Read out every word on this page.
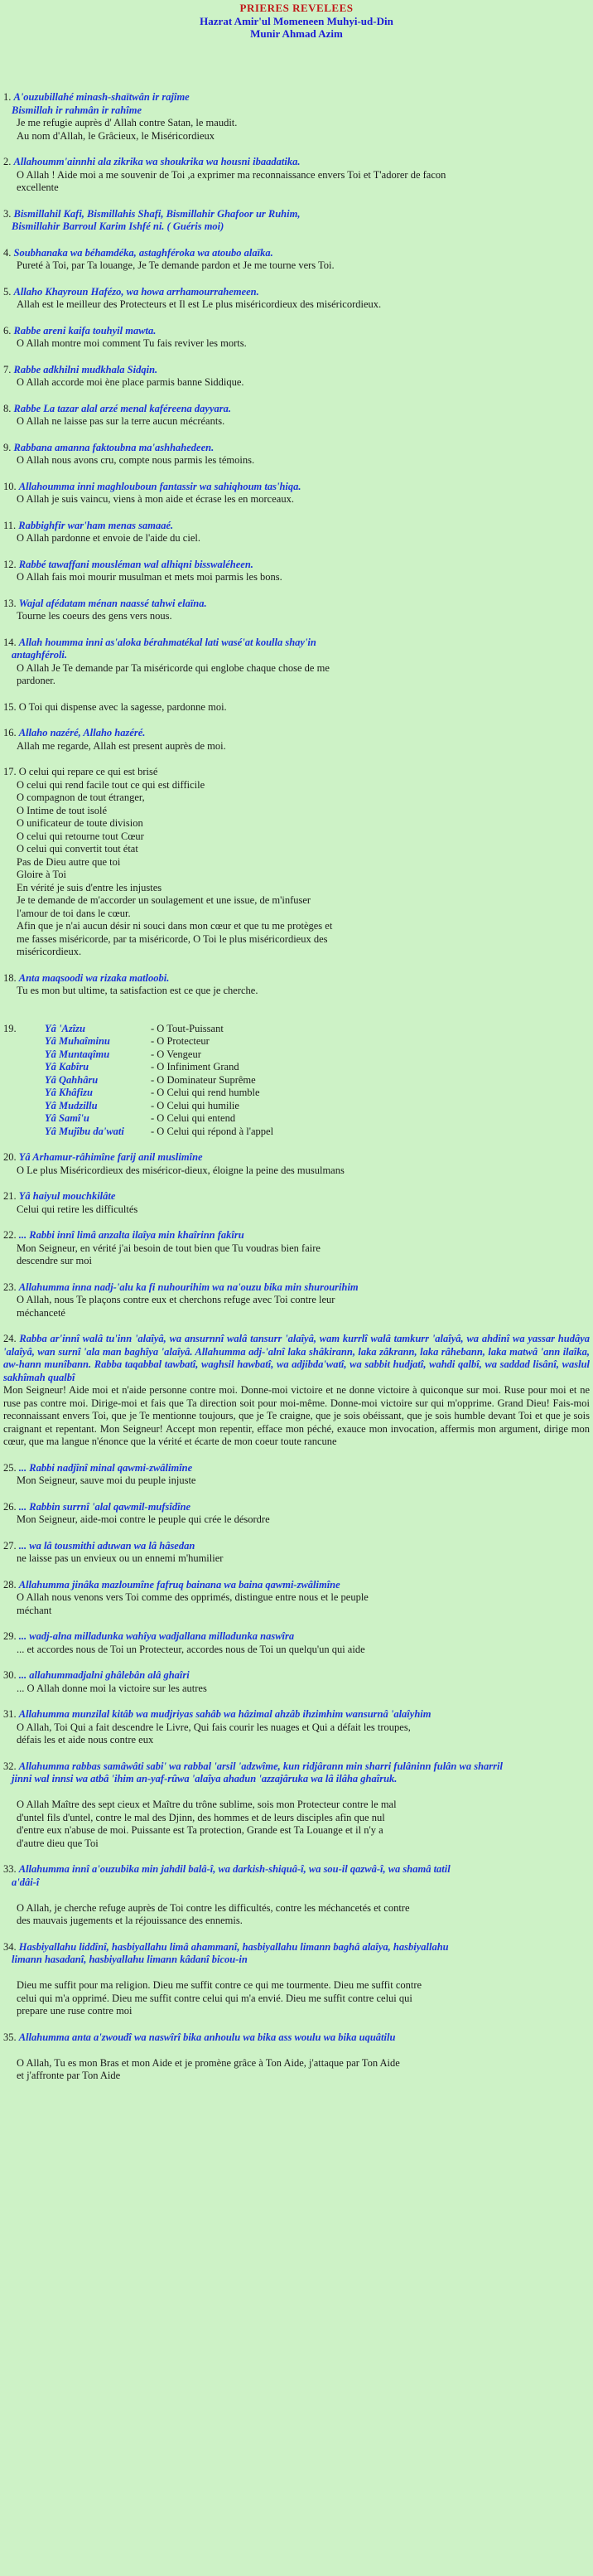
PRIERES REVELEES
Hazrat Amir'ul Momeneen Muhyi-ud-Din
Munir Ahmad Azim
1. A'ouzubillahé minash-shaïtwân ir rajîme
Bismillah ir rahmân ir rahîme
Je me refugie auprès d' Allah contre Satan, le maudit.
Au nom d'Allah, le Grâcieux, le Miséricordieux
2. Allahoumm'ainnhi ala zikrika wa shoukrika wa housni ibaadatika.
O Allah ! Aide moi a me souvenir de Toi ,a exprimer ma reconnaissance envers Toi et T'adorer de facon
excellente
3. Bismillahil Kafi, Bismillahis Shafi, Bismillahir Ghafoor ur Ruhim,
Bismillahir Barroul Karim Ishfé ni. ( Guéris moi)
4. Soubhanaka wa béhamdéka, astaghféroka wa atoubo alaïka.
Pureté à Toi, par Ta louange, Je Te demande pardon et Je me tourne vers Toi.
5. Allaho Khayroun Hafézo, wa howa arrhamourrahemeen.
Allah est le meilleur des Protecteurs et Il est Le plus miséricordieux des miséricordieux.
6. Rabbe areni kaifa touhyil mawta.
O Allah montre moi comment Tu fais reviver les morts.
7. Rabbe adkhilni mudkhala Sidqin.
O Allah accorde moi ène place parmis banne Siddique.
8. Rabbe La tazar alal arzé menal kaféreena dayyara.
O Allah ne laisse pas sur la terre aucun mécréants.
9. Rabbana amanna faktoubna ma'ashhahedeen.
O Allah nous avons cru, compte nous parmis les témoins.
10. Allahoumma inni maghlouboun fantassir wa sahiqhoum tas'hiqa.
O Allah je suis vaincu, viens à mon aide et écrase les en morceaux.
11. Rabbighfir war'ham menas samaaé.
O Allah pardonne et envoie de l'aide du ciel.
12. Rabbé tawaffani mousléman wal alhiqni bisswaléheen.
O Allah fais moi mourir musulman et mets moi parmis les bons.
13. Wajal afédatam ménan naassé tahwi elaïna.
Tourne les coeurs des gens vers nous.
14. Allah houmma inni as'aloka bérahmatékal lati wasé'at koulla shay'in
antaghféroli.
O Allah Je Te demande par Ta miséricorde qui englobe chaque chose de me
pardoner.
15. O Toi qui dispense avec la sagesse, pardonne moi.
16. Allaho nazéré, Allaho hazéré.
Allah me regarde, Allah est present auprès de moi.
17. O celui qui repare ce qui est brisé
O celui qui rend facile tout ce qui est difficile
O compagnon de tout étranger,
O Intime de tout isolé
O unificateur de toute division
O celui qui retourne tout Cœur
O celui qui convertit tout état
Pas de Dieu autre que toi
Gloire à Toi
En vérité je suis d'entre les injustes
Je te demande de m'accorder un soulagement et une issue, de m'infuser
l'amour de toi dans le cœur.
Afin que je n'ai aucun désir ni souci dans mon cœur et que tu me protèges et
me fasses miséricorde, par ta miséricorde, O Toi le plus miséricordieux des
miséricordieux.
18. Anta maqsoodi wa rizaka matloobi.
Tu es mon but ultime, ta satisfaction est ce que je cherche.
19.	Yâ 'Azîzu	- O Tout-Puissant
Yâ Muhaîminu	- O Protecteur
Yâ Muntaqîmu	- O Vengeur
Yâ Kabîru	- O Infiniment Grand
Yâ Qahhâru	- O Dominateur Suprême
Yâ Khâfizu	- O Celui qui rend humble
Yâ Mudzillu	- O Celui qui humilie
Yâ Samî'u	- O Celui qui entend
Yâ Mujîbu da'wati	- O Celui qui répond à l'appel
20. Yâ Arhamur-râhimîne farij anil muslimîne
O Le plus Miséricordieux des miséricor-dieux, éloigne la peine des musulmans
21. Yâ haiyul mouchkilâte
Celui qui retire les difficultés
22. ... Rabbi innî limâ anzalta ilaîya min khaîrinn fakîru
Mon Seigneur, en vérité j'ai besoin de tout bien que Tu voudras bien faire
descendre sur moi
23. Allahumma inna nadj-'alu ka fi nuhourihim wa na'ouzu bika min shurourihim
O Allah, nous Te plaçons contre eux et cherchons refuge avec Toi contre leur
méchanceté
24. Rabba ar'innî walâ tu'inn 'alaîyâ, wa ansurnnî walâ tansurr 'alaîyâ, wam kurrlî walâ tamkurr 'alaîyâ, wa ahdinî wa yassar hudâya 'alaîyâ, wan surnî 'ala man baghîya 'alaîyâ. Allahumma adj-'alnî laka shâkirann, laka zâkrann, laka râhebann, laka matwâ 'ann ilaîka, aw-hann munîbann. Rabba taqabbal tawbatî, waghsil hawbatî, wa adjibda'watî, wa sabbit hudjatî, wahdi qalbî, wa saddad lisânî, waslul sakhîmah qualbî
Mon Seigneur! Aide moi et n'aide personne contre moi. Donne-moi victoire et ne donne victoire à quiconque sur moi. Ruse pour moi et ne ruse pas contre moi. Dirige-moi et fais que Ta direction soit pour moi-même. Donne-moi victoire sur qui m'opprime. Grand Dieu! Fais-moi reconnaissant envers Toi, que je Te mentionne toujours, que je Te craigne, que je sois obéissant, que je sois humble devant Toi et que je sois craignant et repentant. Mon Seigneur! Accept mon repentir, efface mon péché, exauce mon invocation, affermis mon argument, dirige mon cœur, que ma langue n'énonce que la vérité et écarte de mon coeur toute rancune
25. ... Rabbi nadjînî minal qawmi-zwâlimîne
Mon Seigneur, sauve moi du peuple injuste
26. ... Rabbin surrnî 'alal qawmil-mufsîdîne
Mon Seigneur, aide-moi contre le peuple qui crée le désordre
27. ... wa lâ tousmithi aduwan wa lâ hâsedan
ne laisse pas un envieux ou un ennemi m'humilier
28. Allahumma jinâka mazloumîne fafruq bainana wa baina qawmi-zwâlimîne
O Allah nous venons vers Toi comme des opprimés, distingue entre nous et le peuple
méchant
29. ... wadj-alna milladunka wahîya wadjallana milladunka naswîra
... et accordes nous de Toi un Protecteur, accordes nous de Toi un quelqu'un qui aide
30. ... allahummadjalni ghâlebân alâ ghaîri
... O Allah donne moi la victoire sur les autres
31. Allahumma munzilal kitâb wa mudjriyas sahâb wa hâzimal ahzâb ihzimhim wansurnâ 'alaîyhim
O Allah, Toi Qui a fait descendre le Livre, Qui fais courir les nuages et Qui a défait les troupes,
défais les et aide nous contre eux
32. Allahumma rabbas samâwâti sabi' wa rabbal 'arsil 'adzwîme, kun ridjârann min sharri fulâninn fulân wa sharril
jinni wal innsi wa atbâ 'ihim an-yaf-rûwa 'alaîya ahadun 'azzajâruka wa lâ ilâha ghaîruk.

O Allah Maître des sept cieux et Maître du trône sublime, sois mon Protecteur contre le mal
d'untel fils d'untel, contre le mal des Djinn, des hommes et de leurs disciples afin que nul
d'entre eux n'abuse de moi. Puissante est Ta protection, Grande est Ta Louange et il n'y a
d'autre dieu que Toi
33. Allahumma innî a'ouzubika min jahdil balâ-î, wa darkish-shiquâ-î, wa sou-il qazwâ-î, wa shamâ tatil
a'dâi-î

O Allah, je cherche refuge auprès de Toi contre les difficultés, contre les méchancetés et contre
des mauvais jugements et la réjouissance des ennemis.
34. Hasbiyallahu liddînî, hasbiyallahu limâ ahammanî, hasbiyallahu limann baghâ alaîya, hasbiyallahu
limann hasadanî, hasbiyallahu limann kâdanî bicou-in

Dieu me suffit pour ma religion. Dieu me suffit contre ce qui me tourmente. Dieu me suffit contre
celui qui m'a opprimé. Dieu me suffit contre celui qui m'a envié. Dieu me suffit contre celui qui
prepare une ruse contre moi
35. Allahumma anta a'zwoudî wa naswîrî bika anhoulu wa bika ass woulu wa bika uquâtilu

O Allah, Tu es mon Bras et mon Aide et je promène grâce à Ton Aide, j'attaque par Ton Aide
et j'affronte par Ton Aide
